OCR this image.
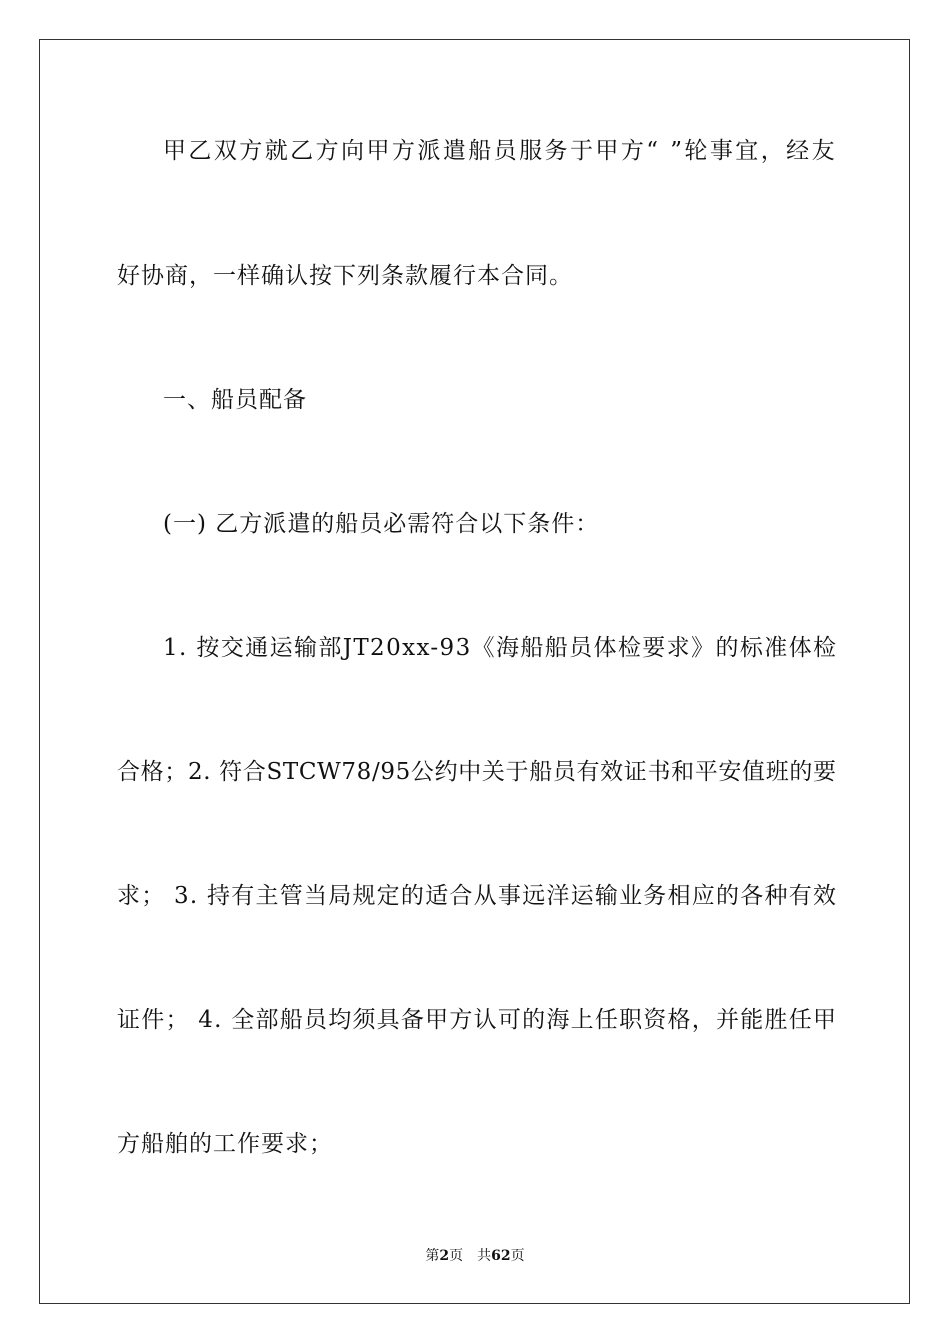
甲乙双方就乙方向甲方派遣船员服务于甲方“ ”轮事宜，经友
好协商，一样确认按下列条款履行本合同。
一、船员配备
(一) 乙方派遣的船员必需符合以下条件：
1. 按交通运输部JT20xx-93《海船船员体检要求》的标准体检
合格；2. 符合STCW78/95公约中关于船员有效证书和平安值班的要
求； 3. 持有主管当局规定的适合从事远洋运输业务相应的各种有效
证件； 4. 全部船员均须具备甲方认可的海上任职资格，并能胜任甲
方船舶的工作要求；
第2页　共62页
